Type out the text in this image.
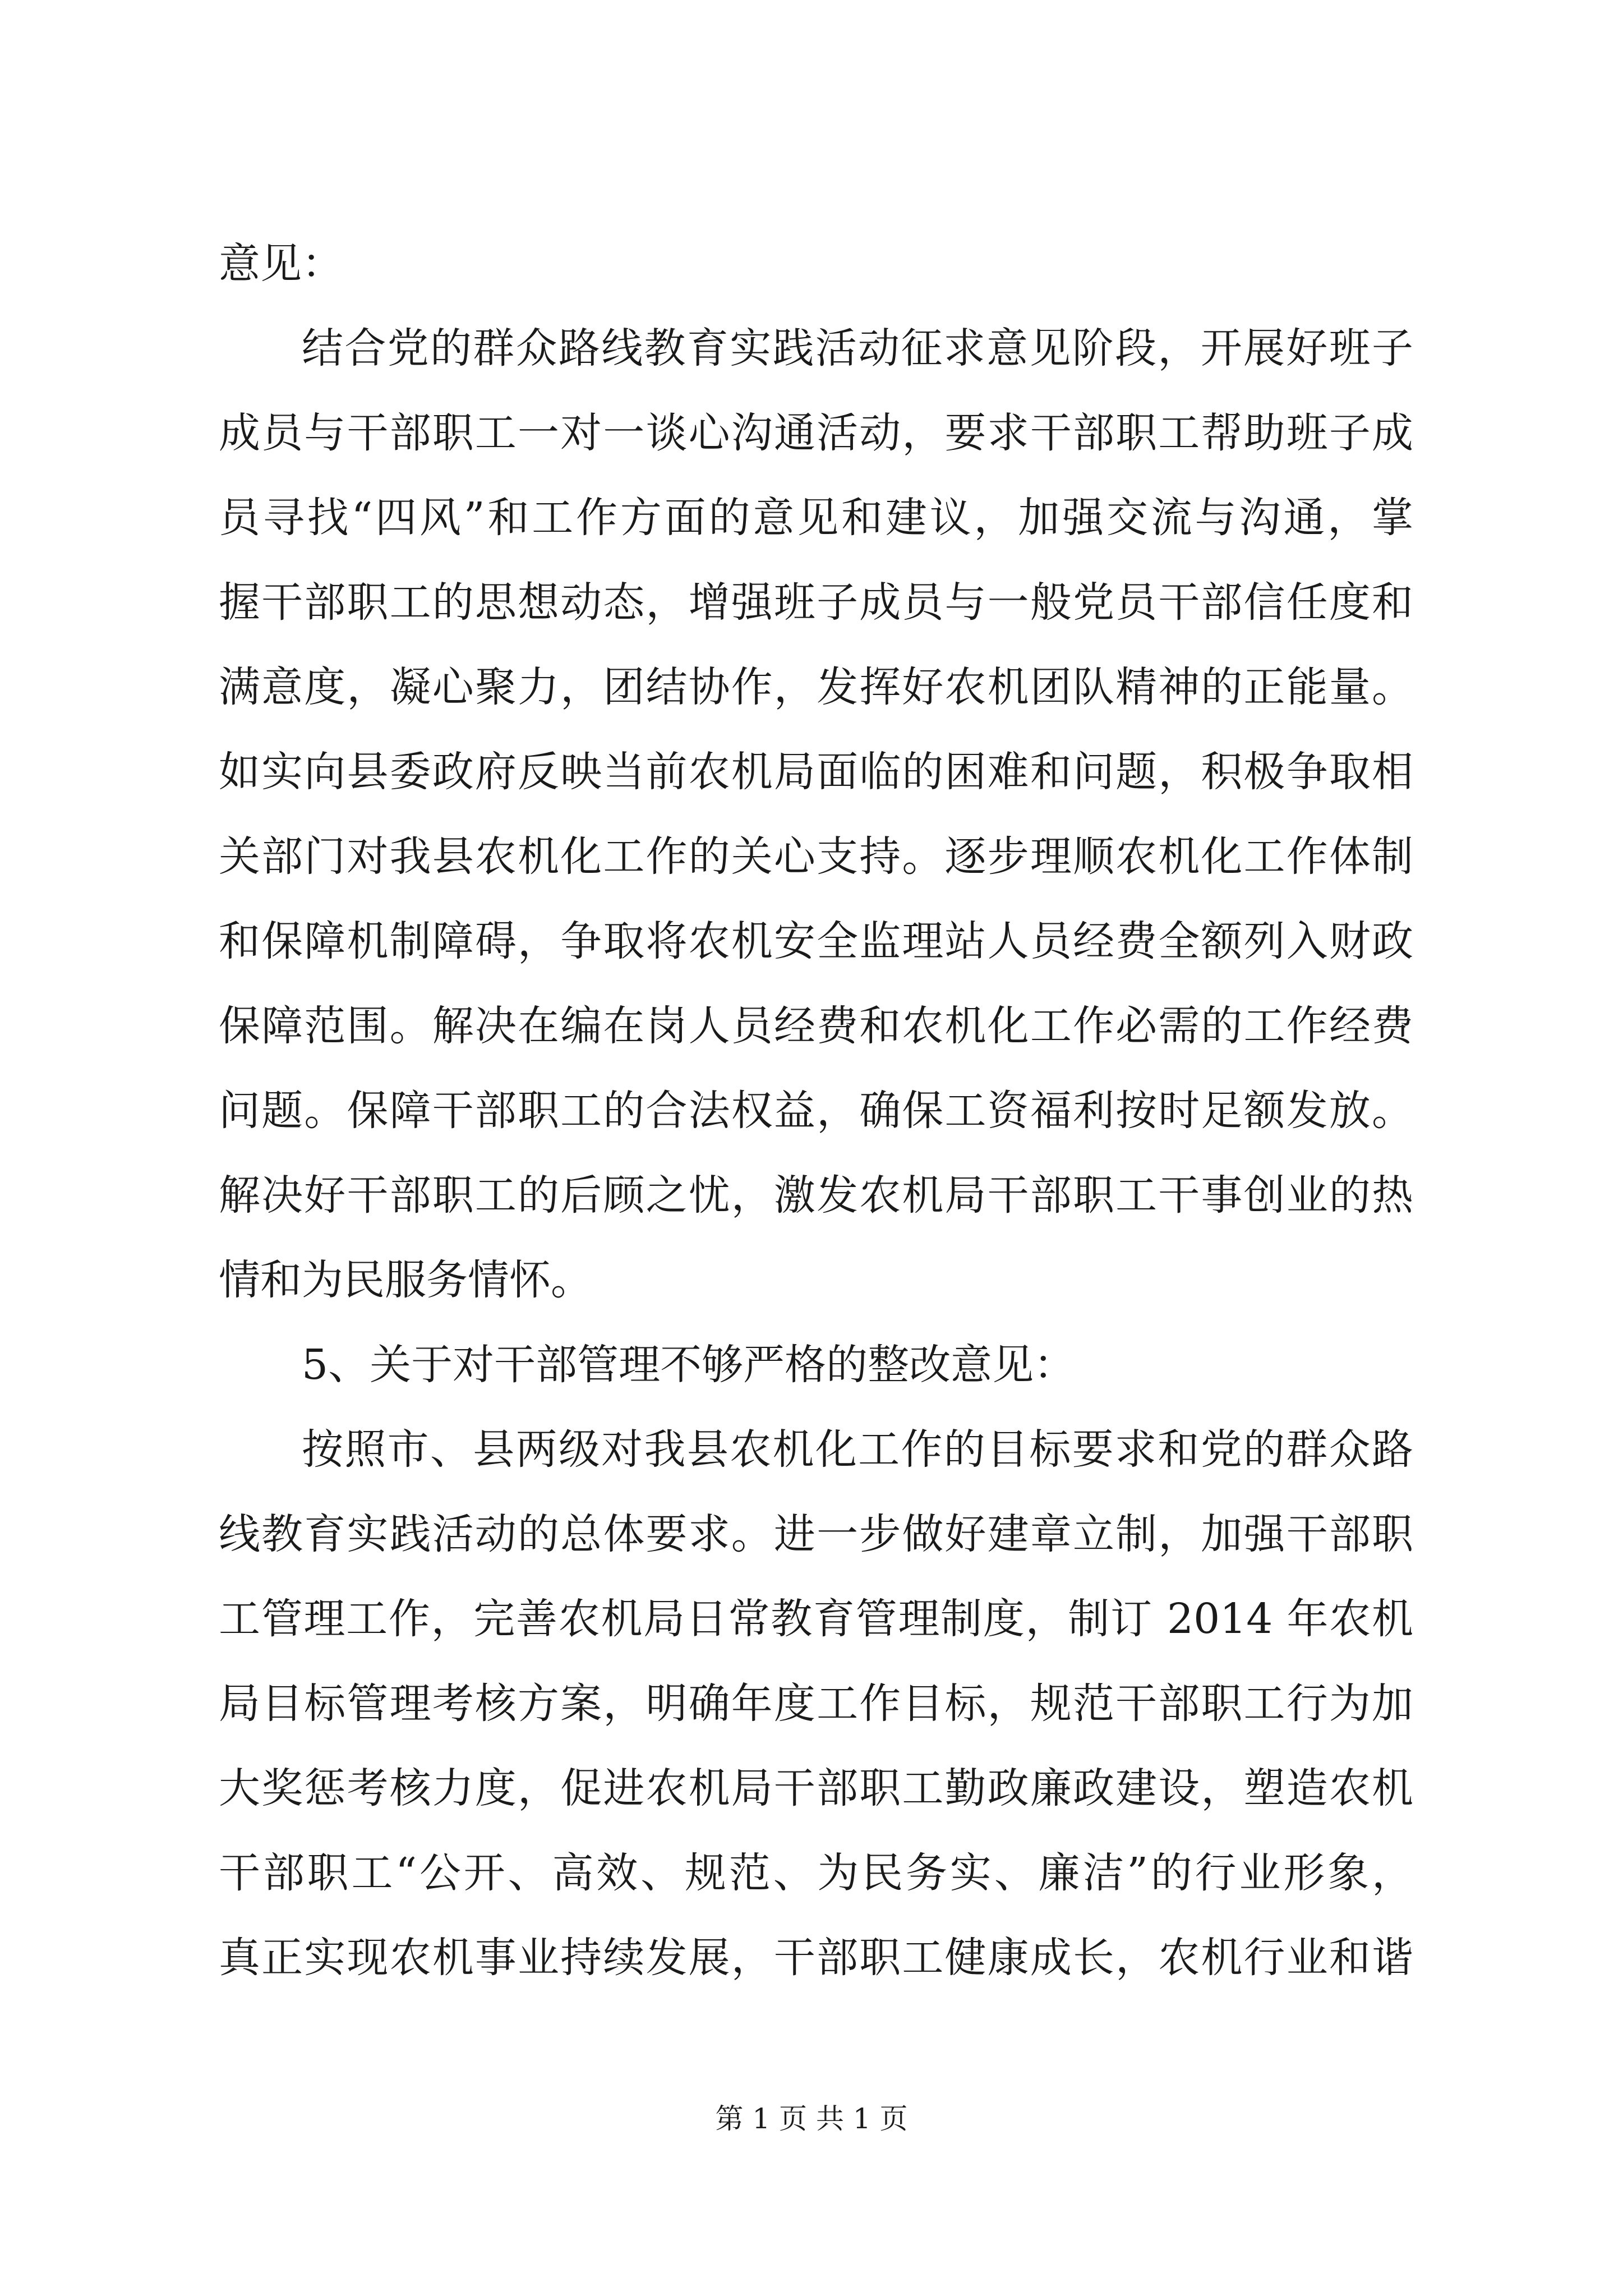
意见：
结合党的群众路线教育实践活动征求意见阶段，开展好班子
成员与干部职工一对一谈心沟通活动，要求干部职工帮助班子成
员寻找“四风”和工作方面的意见和建议，加强交流与沟通，掌
握干部职工的思想动态，增强班子成员与一般党员干部信任度和
满意度，凝心聚力，团结协作，发挥好农机团队精神的正能量。
如实向县委政府反映当前农机局面临的困难和问题，积极争取相
关部门对我县农机化工作的关心支持。逐步理顺农机化工作体制
和保障机制障碍，争取将农机安全监理站人员经费全额列入财政
保障范围。解决在编在岗人员经费和农机化工作必需的工作经费
问题。保障干部职工的合法权益，确保工资福利按时足额发放。
解决好干部职工的后顾之忧，激发农机局干部职工干事创业的热
情和为民服务情怀。
5、关于对干部管理不够严格的整改意见：
按照市、县两级对我县农机化工作的目标要求和党的群众路
线教育实践活动的总体要求。进一步做好建章立制，加强干部职
工管理工作，完善农机局日常教育管理制度，制订 2014 年农机
局目标管理考核方案，明确年度工作目标，规范干部职工行为加
大奖惩考核力度，促进农机局干部职工勤政廉政建设，塑造农机
干部职工“公开、高效、规范、为民务实、廉洁”的行业形象，
真正实现农机事业持续发展，干部职工健康成长，农机行业和谐
第 1 页 共 1 页
